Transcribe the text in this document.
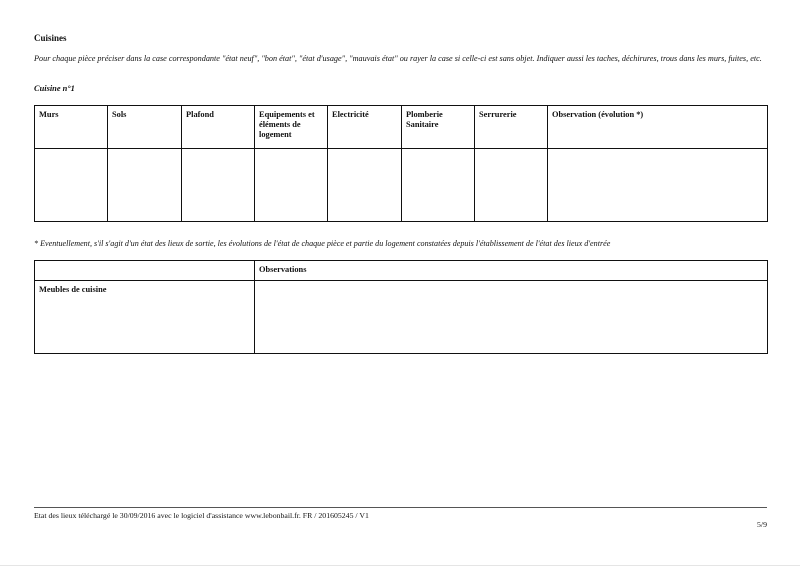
Cuisines
Pour chaque pièce préciser dans la case correspondante "état neuf", "bon état", "état d'usage", "mauvais état" ou rayer la case si celle-ci est sans objet. Indiquer aussi les taches, déchirures, trous dans les murs, fuites, etc.
Cuisine n°1
Murs	Sols	Plafond	Equipements et éléments de logement	Electricité	Plomberie Sanitaire	Serrurerie	Observation (évolution *)

* Eventuellement, s'il s'agit d'un état des lieux de sortie, les évolutions de l'état de chaque pièce et partie du logement constatées depuis l'établissement de l'état des lieux d'entrée
	Observations
Meubles de cuisine	
Etat des lieux téléchargé le 30/09/2016 avec le logiciel d'assistance www.lebonbail.fr. FR / 201605245 / V1
5/9
